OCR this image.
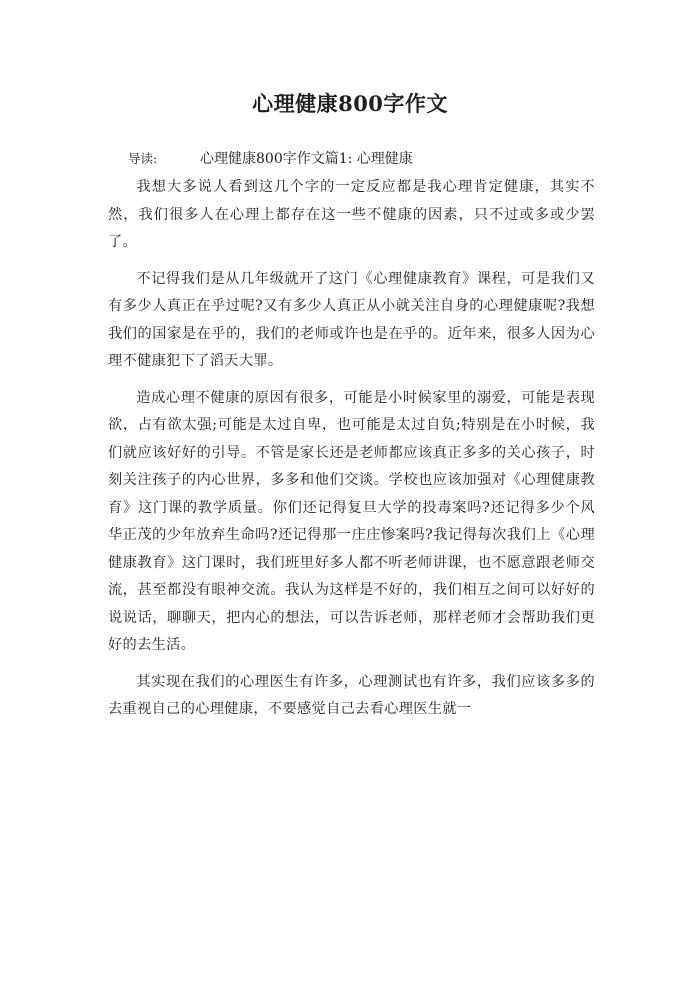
心理健康800字作文
导读:	心理健康800字作文篇1: 心理健康

我想大多说人看到这几个字的一定反应都是我心理肯定健康，其实不然，我们很多人在心理上都存在这一些不健康的因素，只不过或多或少罢了。

不记得我们是从几年级就开了这门《心理健康教育》课程，可是我们又有多少人真正在乎过呢?又有多少人真正从小就关注自身的心理健康呢?我想我们的国家是在乎的，我们的老师或许也是在乎的。近年来，很多人因为心理不健康犯下了滔天大罪。

造成心理不健康的原因有很多，可能是小时候家里的溺爱，可能是表现欲，占有欲太强;可能是太过自卑，也可能是太过自负;特别是在小时候，我们就应该好好的引导。不管是家长还是老师都应该真正多多的关心孩子，时刻关注孩子的内心世界，多多和他们交谈。学校也应该加强对《心理健康教育》这门课的教学质量。你们还记得复旦大学的投毒案吗?还记得多少个风华正茂的少年放弃生命吗?还记得那一庄庄惨案吗?我记得每次我们上《心理健康教育》这门课时，我们班里好多人都不听老师讲课，也不愿意跟老师交流，甚至都没有眼神交流。我认为这样是不好的，我们相互之间可以好好的说说话，聊聊天，把内心的想法，可以告诉老师，那样老师才会帮助我们更好的去生活。

其实现在我们的心理医生有许多，心理测试也有许多，我们应该多多的去重视自己的心理健康，不要感觉自己去看心理医生就一
